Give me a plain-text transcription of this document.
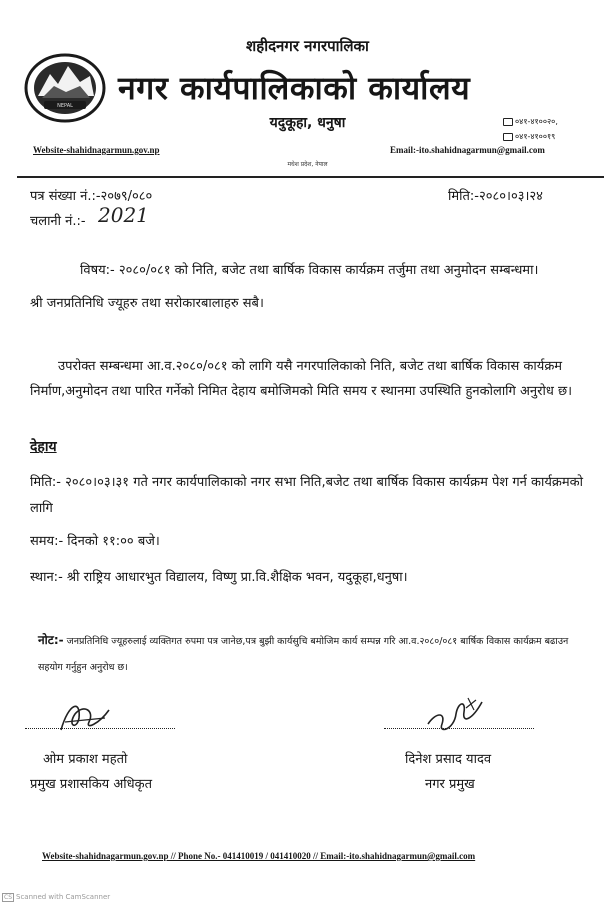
NEPAL
शहीदनगर नगरपालिका
नगर कार्यपालिकाको कार्यालय
यदुकूहा, धनुषा	०४१-४१००२०,
०४१-४१००१९
Website-shahidnagarmun.gov.np	Email:-ito.shahidnagarmun@gmail.com
मधेश प्रदेश, नेपाल
पत्र संख्या नं.:-२०७९/०८०	मिति:-२०८०।०३।२४
चलानी नं.:- 2021
विषय:- २०८०/०८१ को निति, बजेट तथा बार्षिक विकास कार्यक्रम तर्जुमा तथा अनुमोदन सम्बन्धमा।
श्री जनप्रतिनिधि ज्यूहरु तथा सरोकारबालाहरु सबै।
उपरोक्त सम्बन्धमा आ.व.२०८०/०८१ को लागि यसै नगरपालिकाको निति, बजेट तथा बार्षिक विकास कार्यक्रम निर्माण,अनुमोदन तथा पारित गर्नेको निमित देहाय बमोजिमको मिति समय र स्थानमा उपस्थिति हुनकोलागि अनुरोध छ।
देहाय
मिति:- २०८०।०३।३१ गते नगर कार्यपालिकाको नगर सभा निति,बजेट तथा बार्षिक विकास कार्यक्रम पेश गर्न कार्यक्रमको लागि
समय:- दिनको ११:०० बजे।
स्थान:- श्री राष्ट्रिय आधारभुत विद्यालय, विष्णु प्रा.वि.शैक्षिक भवन, यदुकूहा,धनुषा।
नोट:- जनप्रतिनिधि ज्यूहरुलाई व्यक्तिगत रुपमा पत्र जानेछ,पत्र बुझी कार्यसुचि बमोजिम कार्य सम्पन्न गरि आ.व.२०८०/०८१ बार्षिक विकास कार्यक्रम बढाउन सहयोग गर्नुहुन अनुरोध छ।
ओम प्रकाश महतो
प्रमुख प्रशासकिय अधिकृत
दिनेश प्रसाद यादव
नगर प्रमुख
Website-shahidnagarmun.gov.np // Phone No.- 041410019 / 041410020 // Email:-ito.shahidnagarmun@gmail.com
CS Scanned with CamScanner
